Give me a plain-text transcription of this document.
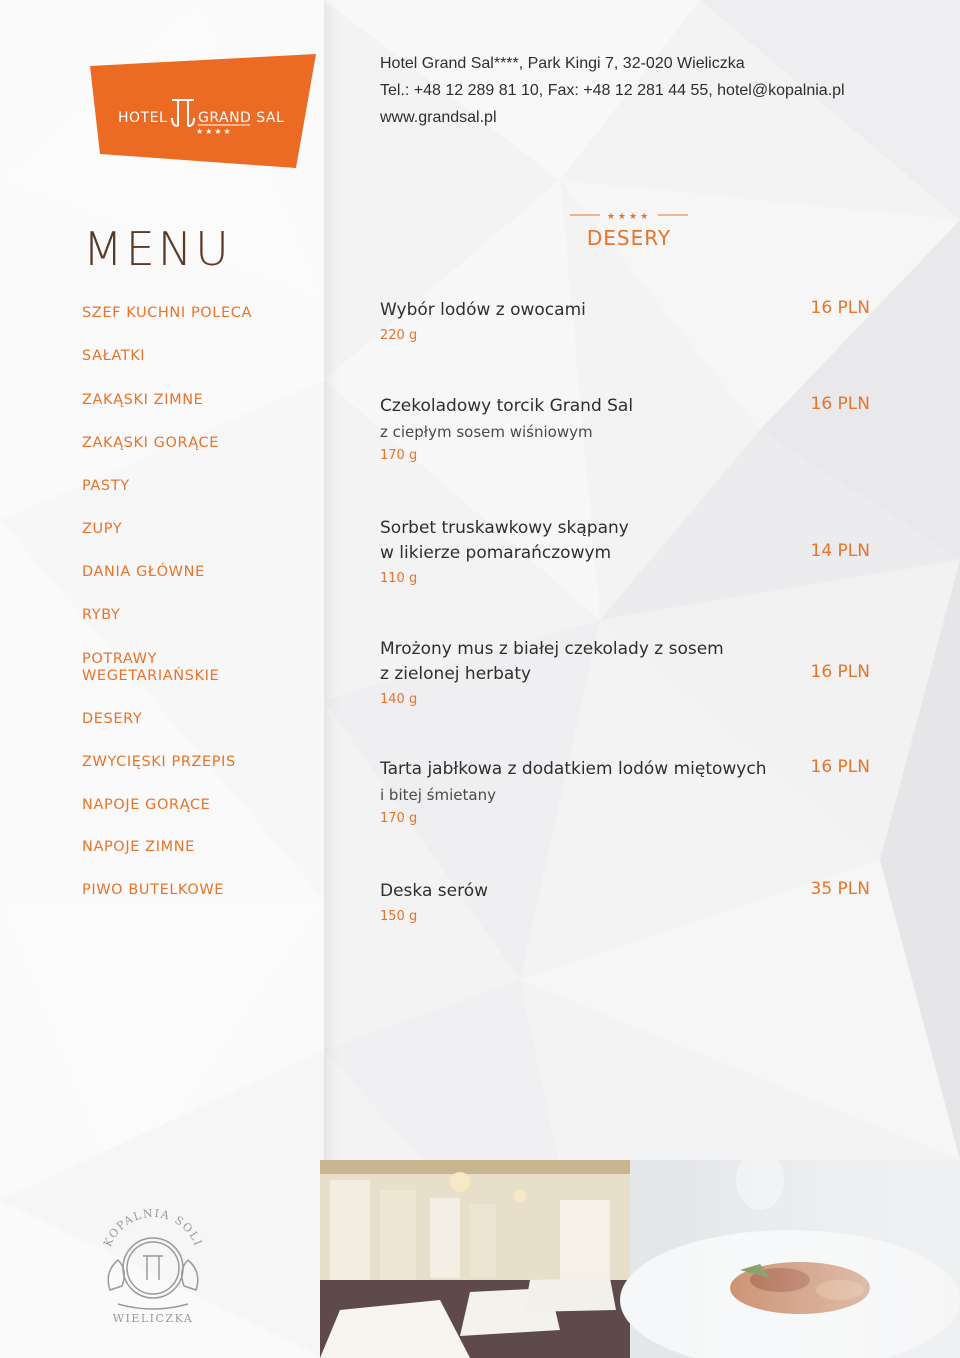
HOTEL GRAND SAL
★★★★
Hotel Grand Sal****, Park Kingi 7, 32-020 Wieliczka
Tel.: +48 12 289 81 10, Fax: +48 12 281 44 55, hotel@kopalnia.pl
www.grandsal.pl
MENU
SZEF KUCHNI POLECA
SAŁATKI
ZAKĄSKI ZIMNE
ZAKĄSKI GORĄCE
PASTY
ZUPY
DANIA GŁÓWNE
RYBY
POTRAWY WEGETARIAŃSKIE
DESERY
ZWYCIĘSKI PRZEPIS
NAPOJE GORĄCE
NAPOJE ZIMNE
PIWO BUTELKOWE
★★★★
DESERY
Wybór lodów z owocami
220 g
16 PLN
Czekoladowy torcik Grand Sal
z ciepłym sosem wiśniowym
170 g
16 PLN
Sorbet truskawkowy skąpany
w likierze pomarańczowym
110 g
14 PLN
Mrożony mus z białej czekolady z sosem
z zielonej herbaty
140 g
16 PLN
Tarta jabłkowa z dodatkiem lodów miętowych
i bitej śmietany
170 g
16 PLN
Deska serów
150 g
35 PLN
KOPALNIA SOLI
WIELICZKA
